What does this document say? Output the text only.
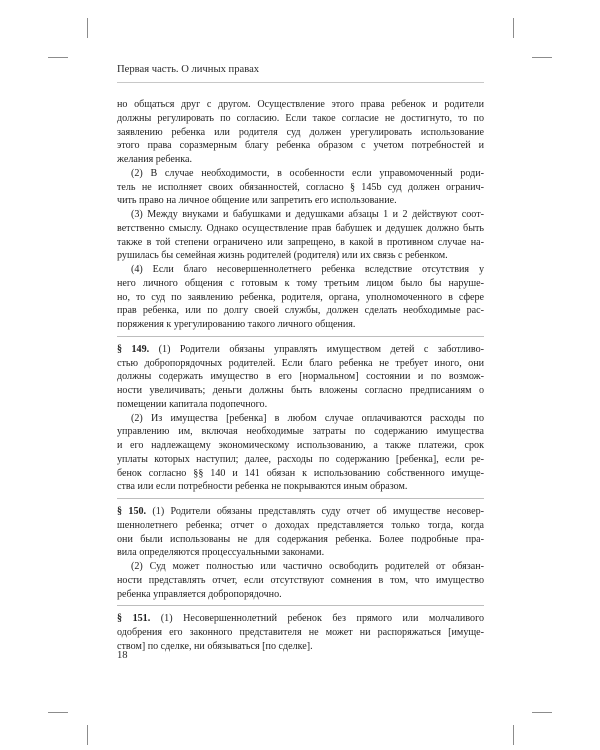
Первая часть. О личных правах
но общаться друг с другом. Осуществление этого права ребенок и родители
должны регулировать по согласию. Если такое согласие не достигнуто, то по
заявлению ребенка или родителя суд должен урегулировать использование
этого права соразмерным благу ребенка образом с учетом потребностей и
желания ребенка.
(2) В случае необходимости, в особенности если управомоченный роди-
тель не исполняет своих обязанностей, согласно § 145b суд должен огранич-
чить право на личное общение или запретить его использование.
(3) Между внуками и бабушками и дедушками абзацы 1 и 2 действуют соот-
ветственно смыслу. Однако осуществление прав бабушек и дедушек должно быть
также в той степени ограничено или запрещено, в какой в противном случае на-
рушилась бы семейная жизнь родителей (родителя) или их связь с ребенком.
(4) Если благо несовершеннолетнего ребенка вследствие отсутствия у
него личного общения с готовым к тому третьим лицом было бы наруше-
но, то суд по заявлению ребенка, родителя, органа, уполномоченного в сфере
прав ребенка, или по долгу своей службы, должен сделать необходимые рас-
поряжения к урегулированию такого личного общения.
§ 149. (1) Родители обязаны управлять имуществом детей с заботливо-
стью добропорядочных родителей. Если благо ребенка не требует иного, они
должны содержать имущество в его [нормальном] состоянии и по возмож-
ности увеличивать; деньги должны быть вложены согласно предписаниям о
помещении капитала подопечного.
(2) Из имущества [ребенка] в любом случае оплачиваются расходы по
управлению им, включая необходимые затраты по содержанию имущества
и его надлежащему экономическому использованию, а также платежи, срок
уплаты которых наступил; далее, расходы по содержанию [ребенка], если ре-
бенок согласно §§ 140 и 141 обязан к использованию собственного имуще-
ства или если потребности ребенка не покрываются иным образом.
§ 150. (1) Родители обязаны представлять суду отчет об имуществе несовер-
шеннолетнего ребенка; отчет о доходах представляется только тогда, когда
они были использованы не для содержания ребенка. Более подробные пра-
вила определяются процессуальными законами.
(2) Суд может полностью или частично освободить родителей от обязан-
ности представлять отчет, если отсутствуют сомнения в том, что имущество
ребенка управляется добропорядочно.
§ 151. (1) Несовершеннолетний ребенок без прямого или молчаливого
одобрения его законного представителя не может ни распоряжаться [имуще-
ством] по сделке, ни обязываться [по сделке].
18
